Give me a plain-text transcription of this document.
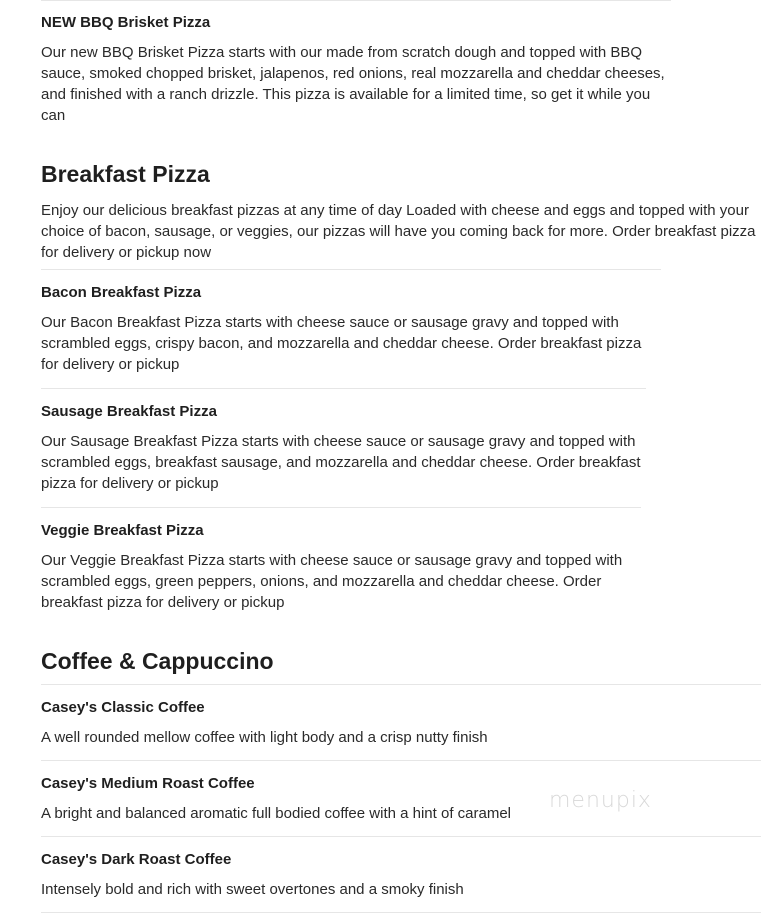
NEW BBQ Brisket Pizza
Our new BBQ Brisket Pizza starts with our made from scratch dough and topped with BBQ sauce, smoked chopped brisket, jalapenos, red onions, real mozzarella and cheddar cheeses, and finished with a ranch drizzle. This pizza is available for a limited time, so get it while you can
Breakfast Pizza
Enjoy our delicious breakfast pizzas at any time of day Loaded with cheese and eggs and topped with your choice of bacon, sausage, or veggies, our pizzas will have you coming back for more. Order breakfast pizza for delivery or pickup now
Bacon Breakfast Pizza
Our Bacon Breakfast Pizza starts with cheese sauce or sausage gravy and topped with scrambled eggs, crispy bacon, and mozzarella and cheddar cheese. Order breakfast pizza for delivery or pickup
Sausage Breakfast Pizza
Our Sausage Breakfast Pizza starts with cheese sauce or sausage gravy and topped with scrambled eggs, breakfast sausage, and mozzarella and cheddar cheese. Order breakfast pizza for delivery or pickup
Veggie Breakfast Pizza
Our Veggie Breakfast Pizza starts with cheese sauce or sausage gravy and topped with scrambled eggs, green peppers, onions, and mozzarella and cheddar cheese. Order breakfast pizza for delivery or pickup
Coffee & Cappuccino
Casey's Classic Coffee
A well rounded mellow coffee with light body and a crisp nutty finish
Casey's Medium Roast Coffee
A bright and balanced aromatic full bodied coffee with a hint of caramel
Casey's Dark Roast Coffee
Intensely bold and rich with sweet overtones and a smoky finish
menupix
